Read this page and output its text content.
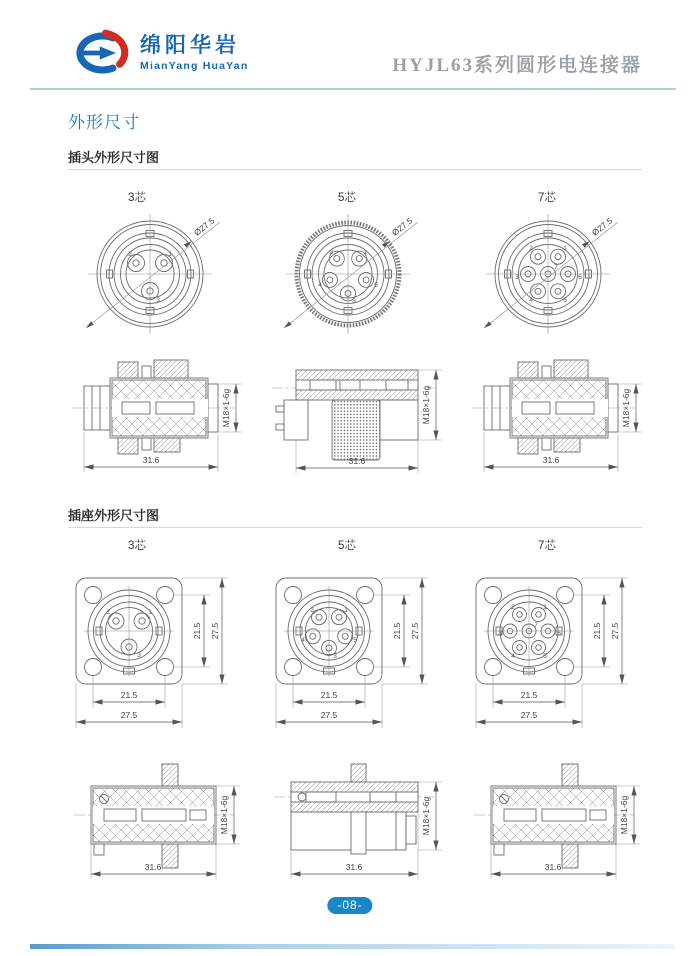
绵阳华岩
MianYang HuaYan	HYJL63系列圆形电连接器
外形尺寸
插头外形尺寸图
3芯	5芯	7芯
1
2
3
Ø27.5
1
2
3
4	5
Ø27.5
1
2
3
4	5
6
7
Ø27.5
31.6
M18×1-6g
31.6
M18×1-6g
31.6
M18×1-6g
插座外形尺寸图
3芯	5芯	7芯
1
2
3
21.5 27.5
21.5
27.5
1
2
3
4	5
21.5 27.5
21.5
27.5
1
2
3
4	5
6
7	21.5 27.5
21.5
27.5
31.6
M18×1-6g
31.6
M18×1-6g
31.6
M18×1-6g
-08-
